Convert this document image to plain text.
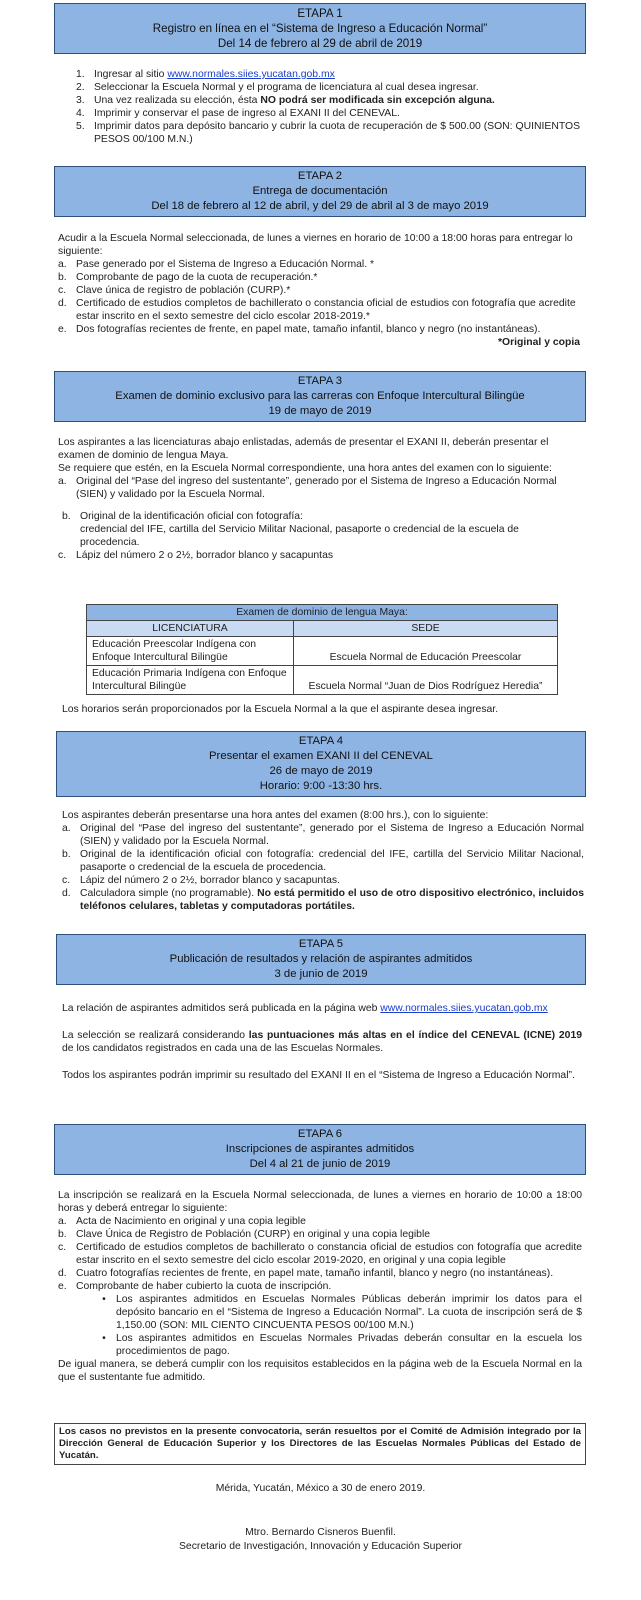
ETAPA 1
Registro en línea en el “Sistema de Ingreso a Educación Normal”
Del 14 de febrero al 29 de abril de 2019
1. Ingresar al sitio www.normales.siies.yucatan.gob.mx
2. Seleccionar la Escuela Normal y el programa de licenciatura al cual desea ingresar.
3. Una vez realizada su elección, ésta NO podrá ser modificada sin excepción alguna.
4. Imprimir y conservar el pase de ingreso al EXANI II del CENEVAL.
5. Imprimir datos para depósito bancario y cubrir la cuota de recuperación de $ 500.00 (SON: QUINIENTOS PESOS 00/100 M.N.)
ETAPA 2
Entrega de documentación
Del 18 de febrero al 12 de abril, y del 29 de abril al 3 de mayo 2019
Acudir a la Escuela Normal seleccionada, de lunes a viernes en horario de 10:00 a 18:00 horas para entregar lo siguiente:
a. Pase generado por el Sistema de Ingreso a Educación Normal. *
b. Comprobante de pago de la cuota de recuperación.*
c. Clave única de registro de población (CURP).*
d. Certificado de estudios completos de bachillerato o constancia oficial de estudios con fotografía que acredite estar inscrito en el sexto semestre del ciclo escolar 2018-2019.*
e. Dos fotografías recientes de frente, en papel mate, tamaño infantil, blanco y negro (no instantáneas).
*Original y copia
ETAPA 3
Examen de dominio exclusivo para las carreras con Enfoque Intercultural Bilingüe
19 de mayo de 2019
Los aspirantes a las licenciaturas abajo enlistadas, además de presentar el EXANI II, deberán presentar el examen de dominio de lengua Maya.
Se requiere que estén, en la Escuela Normal correspondiente, una hora antes del examen con lo siguiente:
a. Original del “Pase del ingreso del sustentante”, generado por el Sistema de Ingreso a Educación Normal (SIEN) y validado por la Escuela Normal.
b. Original de la identificación oficial con fotografía:
credencial del IFE, cartilla del Servicio Militar Nacional, pasaporte o credencial de la escuela de procedencia.
c. Lápiz del número 2 o 2½, borrador blanco y sacapuntas
Examen de dominio de lengua Maya:	
LICENCIATURA	SEDE
Educación Preescolar Indígena con Enfoque Intercultural Bilingüe	Escuela Normal de Educación Preescolar
Educación Primaria Indígena con Enfoque Intercultural Bilingüe	Escuela Normal “Juan de Dios Rodríguez Heredia”
Los horarios serán proporcionados por la Escuela Normal a la que el aspirante desea ingresar.
ETAPA 4
Presentar el examen EXANI II del CENEVAL
26 de mayo de 2019
Horario: 9:00 -13:30 hrs.
Los aspirantes deberán presentarse una hora antes del examen (8:00 hrs.), con lo siguiente:
a. Original del “Pase del ingreso del sustentante”, generado por el Sistema de Ingreso a Educación Normal (SIEN) y validado por la Escuela Normal.
b. Original de la identificación oficial con fotografía: credencial del IFE, cartilla del Servicio Militar Nacional, pasaporte o credencial de la escuela de procedencia.
c. Lápiz del número 2 o 2½, borrador blanco y sacapuntas.
d. Calculadora simple (no programable). No está permitido el uso de otro dispositivo electrónico, incluidos teléfonos celulares, tabletas y computadoras portátiles.
ETAPA 5
Publicación de resultados y relación de aspirantes admitidos
3 de junio de 2019
La relación de aspirantes admitidos será publicada en la página web www.normales.siies.yucatan.gob.mx
La selección se realizará considerando las puntuaciones más altas en el índice del CENEVAL (ICNE) 2019 de los candidatos registrados en cada una de las Escuelas Normales.
Todos los aspirantes podrán imprimir su resultado del EXANI II en el “Sistema de Ingreso a Educación Normal”.
ETAPA 6
Inscripciones de aspirantes admitidos
Del 4 al 21 de junio de 2019
La inscripción se realizará en la Escuela Normal seleccionada, de lunes a viernes en horario de 10:00 a 18:00 horas y deberá entregar lo siguiente:
a. Acta de Nacimiento en original y una copia legible
b. Clave Única de Registro de Población (CURP) en original y una copia legible
c. Certificado de estudios completos de bachillerato o constancia oficial de estudios con fotografía que acredite estar inscrito en el sexto semestre del ciclo escolar 2019-2020, en original y una copia legible
d. Cuatro fotografías recientes de frente, en papel mate, tamaño infantil, blanco y negro (no instantáneas).
e. Comprobante de haber cubierto la cuota de inscripción.
• Los aspirantes admitidos en Escuelas Normales Públicas deberán imprimir los datos para el depósito bancario en el “Sistema de Ingreso a Educación Normal”. La cuota de inscripción será de $ 1,150.00 (SON: MIL CIENTO CINCUENTA PESOS 00/100 M.N.)
• Los aspirantes admitidos en Escuelas Normales Privadas deberán consultar en la escuela los procedimientos de pago.
De igual manera, se deberá cumplir con los requisitos establecidos en la página web de la Escuela Normal en la que el sustentante fue admitido.
Los casos no previstos en la presente convocatoria, serán resueltos por el Comité de Admisión integrado por la Dirección General de Educación Superior y los Directores de las Escuelas Normales Públicas del Estado de Yucatán.
Mérida, Yucatán, México a 30 de enero 2019.
Mtro. Bernardo Cisneros Buenfil.
Secretario de Investigación, Innovación y Educación Superior
